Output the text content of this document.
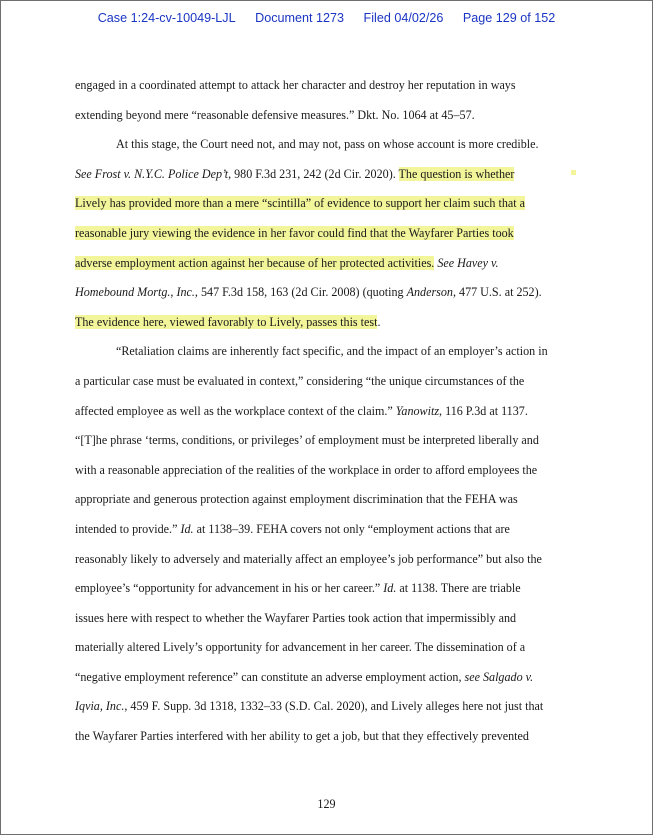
Case 1:24-cv-10049-LJL Document 1273 Filed 04/02/26 Page 129 of 152
engaged in a coordinated attempt to attack her character and destroy her reputation in ways
extending beyond mere “reasonable defensive measures.” Dkt. No. 1064 at 45–57.
At this stage, the Court need not, and may not, pass on whose account is more credible.
See Frost v. N.Y.C. Police Dep’t, 980 F.3d 231, 242 (2d Cir. 2020). The question is whether
Lively has provided more than a mere “scintilla” of evidence to support her claim such that a
reasonable jury viewing the evidence in her favor could find that the Wayfarer Parties took
adverse employment action against her because of her protected activities. See Havey v.
Homebound Mortg., Inc., 547 F.3d 158, 163 (2d Cir. 2008) (quoting Anderson, 477 U.S. at 252).
The evidence here, viewed favorably to Lively, passes this test.
“Retaliation claims are inherently fact specific, and the impact of an employer’s action in
a particular case must be evaluated in context,” considering “the unique circumstances of the
affected employee as well as the workplace context of the claim.” Yanowitz, 116 P.3d at 1137.
“[T]he phrase ‘terms, conditions, or privileges’ of employment must be interpreted liberally and
with a reasonable appreciation of the realities of the workplace in order to afford employees the
appropriate and generous protection against employment discrimination that the FEHA was
intended to provide.” Id. at 1138–39. FEHA covers not only “employment actions that are
reasonably likely to adversely and materially affect an employee’s job performance” but also the
employee’s “opportunity for advancement in his or her career.” Id. at 1138. There are triable
issues here with respect to whether the Wayfarer Parties took action that impermissibly and
materially altered Lively’s opportunity for advancement in her career. The dissemination of a
“negative employment reference” can constitute an adverse employment action, see Salgado v.
Iqvia, Inc., 459 F. Supp. 3d 1318, 1332–33 (S.D. Cal. 2020), and Lively alleges here not just that
the Wayfarer Parties interfered with her ability to get a job, but that they effectively prevented
129
